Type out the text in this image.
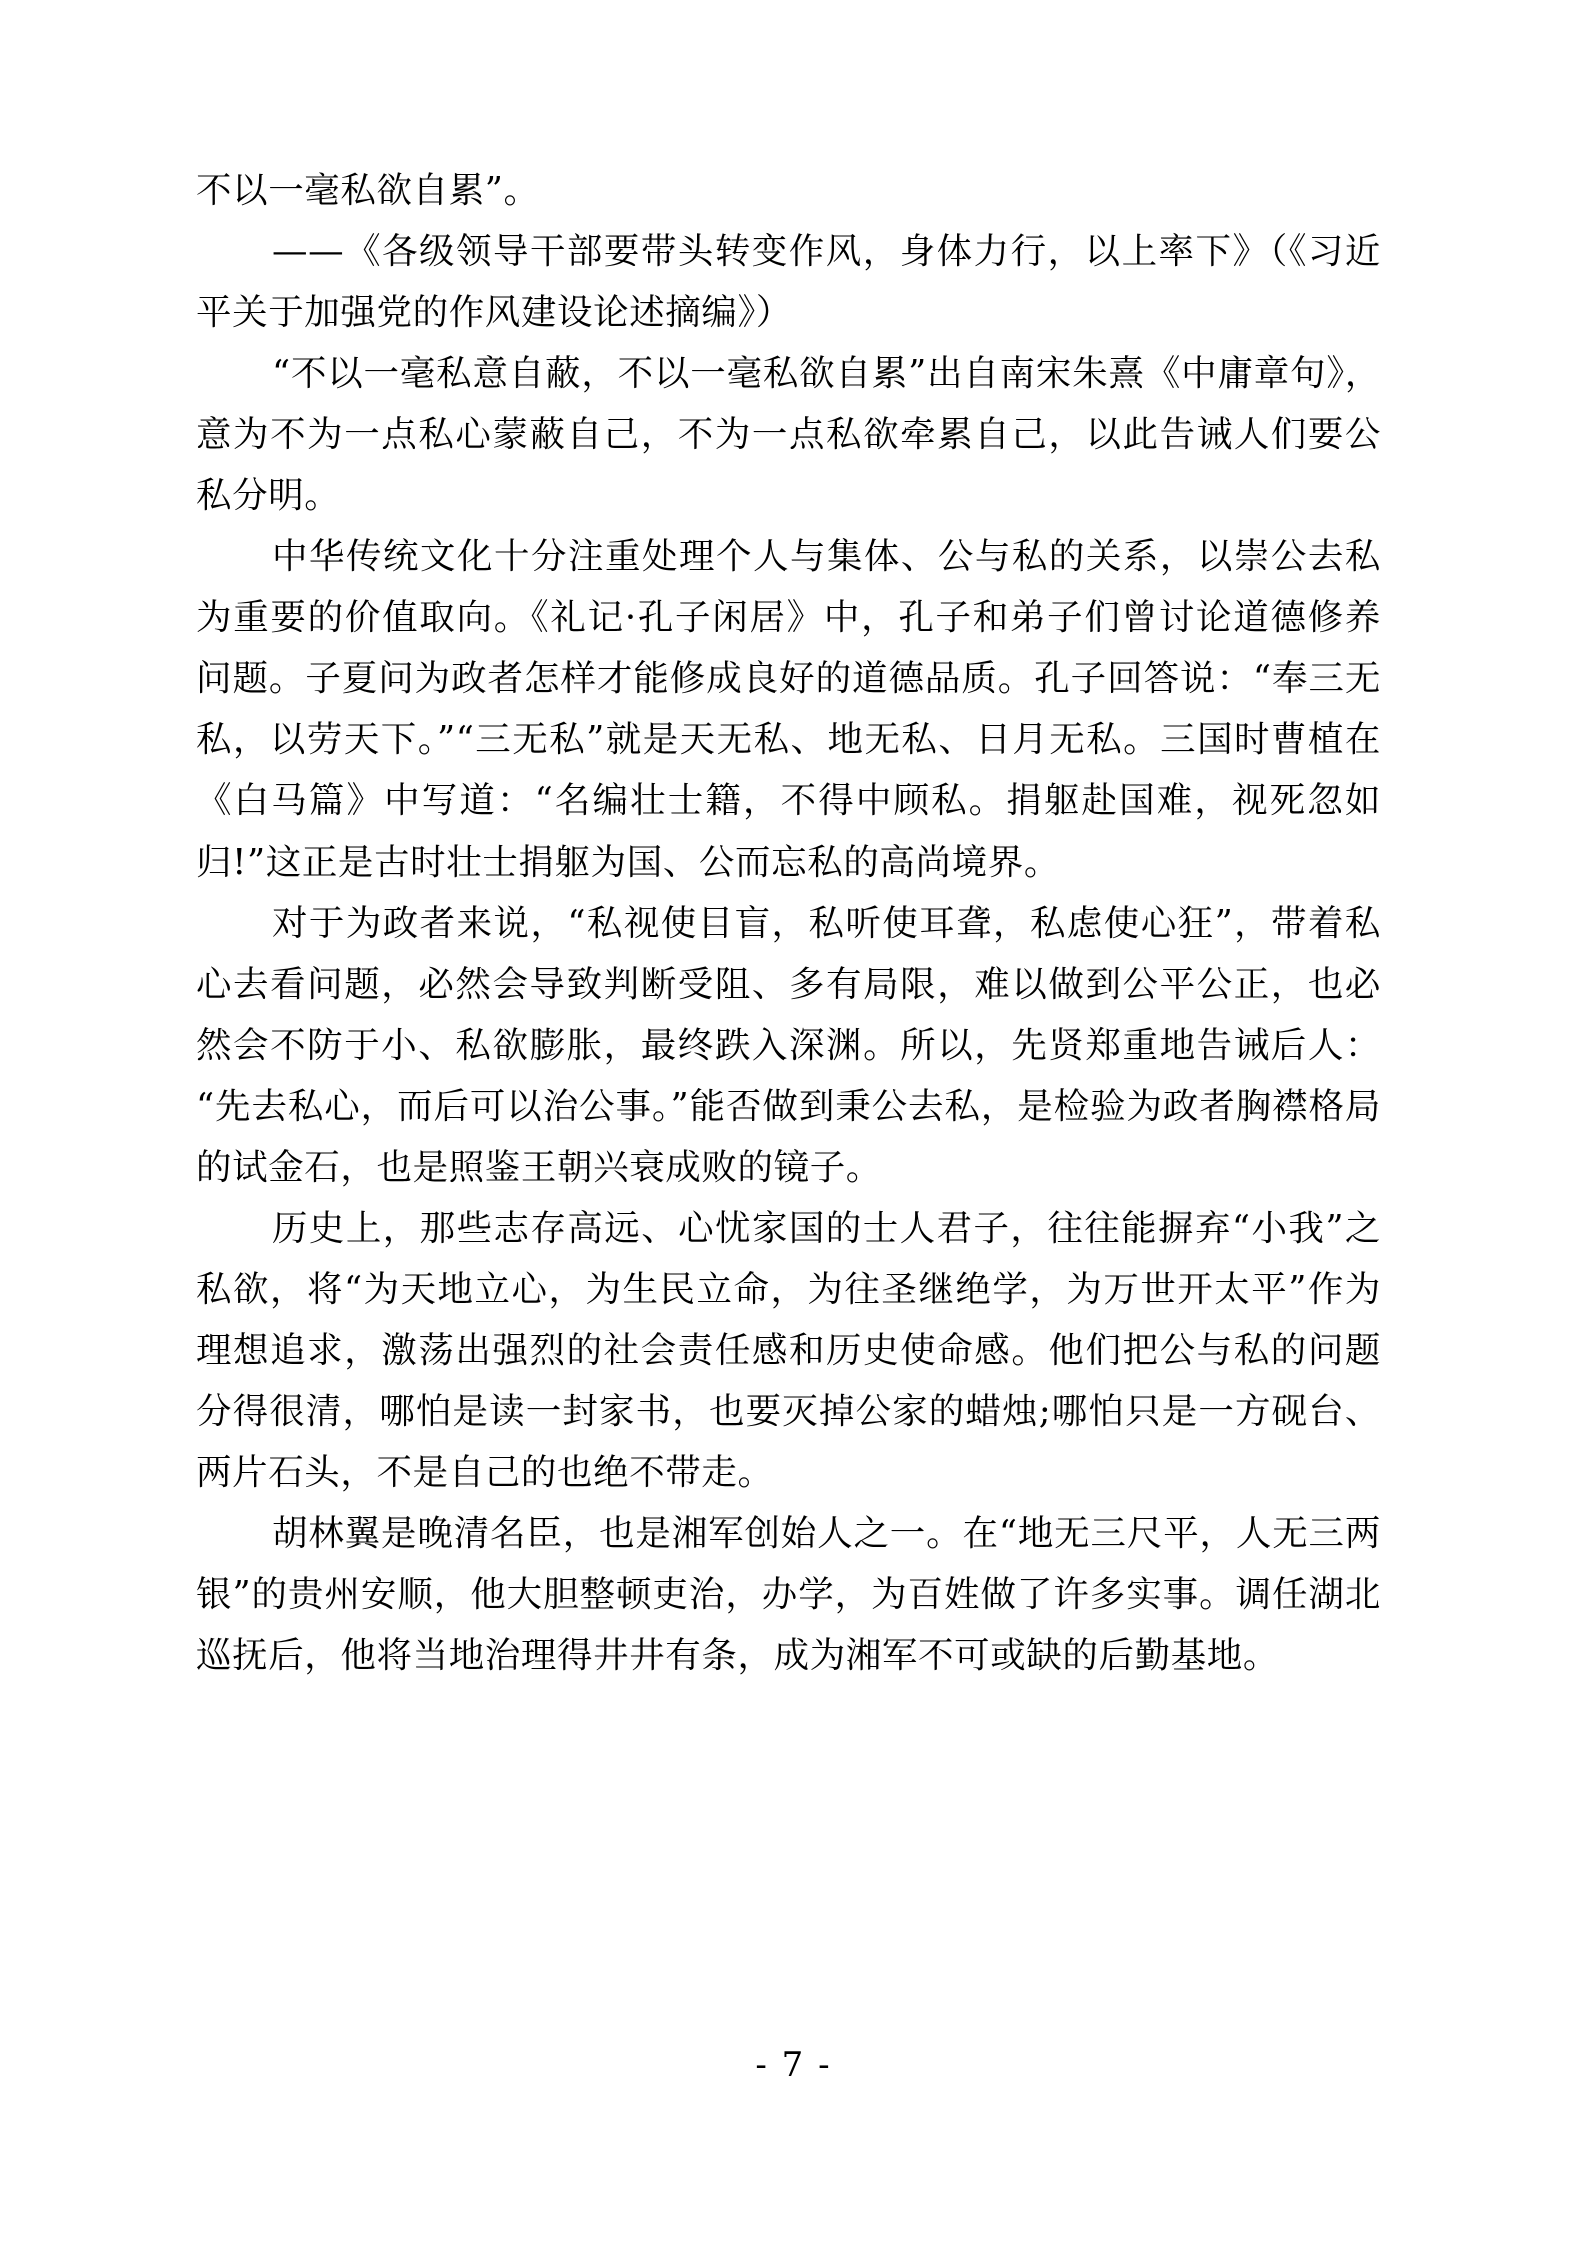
不以一毫私欲自累”。

——《各级领导干部要带头转变作风，身体力行，以上率下》（《习近平关于加强党的作风建设论述摘编》）

“不以一毫私意自蔽，不以一毫私欲自累”出自南宋朱熹《中庸章句》，意为不为一点私心蒙蔽自己，不为一点私欲牵累自己，以此告诫人们要公私分明。

中华传统文化十分注重处理个人与集体、公与私的关系，以崇公去私为重要的价值取向。《礼记·孔子闲居》中，孔子和弟子们曾讨论道德修养问题。子夏问为政者怎样才能修成良好的道德品质。孔子回答说：“奉三无私，以劳天下。”“三无私”就是天无私、地无私、日月无私。三国时曹植在《白马篇》中写道：“名编壮士籍，不得中顾私。捐躯赴国难，视死忽如归!”这正是古时壮士捐躯为国、公而忘私的高尚境界。

对于为政者来说，“私视使目盲，私听使耳聋，私虑使心狂”，带着私心去看问题，必然会导致判断受阻、多有局限，难以做到公平公正，也必然会不防于小、私欲膨胀，最终跌入深渊。所以，先贤郑重地告诫后人：“先去私心，而后可以治公事。”能否做到秉公去私，是检验为政者胸襟格局的试金石，也是照鉴王朝兴衰成败的镜子。

历史上，那些志存高远、心忧家国的士人君子，往往能摒弃“小我”之私欲，将“为天地立心，为生民立命，为往圣继绝学，为万世开太平”作为理想追求，激荡出强烈的社会责任感和历史使命感。他们把公与私的问题分得很清，哪怕是读一封家书，也要灭掉公家的蜡烛;哪怕只是一方砚台、两片石头，不是自己的也绝不带走。

胡林翼是晚清名臣，也是湘军创始人之一。在“地无三尺平，人无三两银”的贵州安顺，他大胆整顿吏治，办学，为百姓做了许多实事。调任湖北巡抚后，他将当地治理得井井有条，成为湘军不可或缺的后勤基地。

- 7 -
